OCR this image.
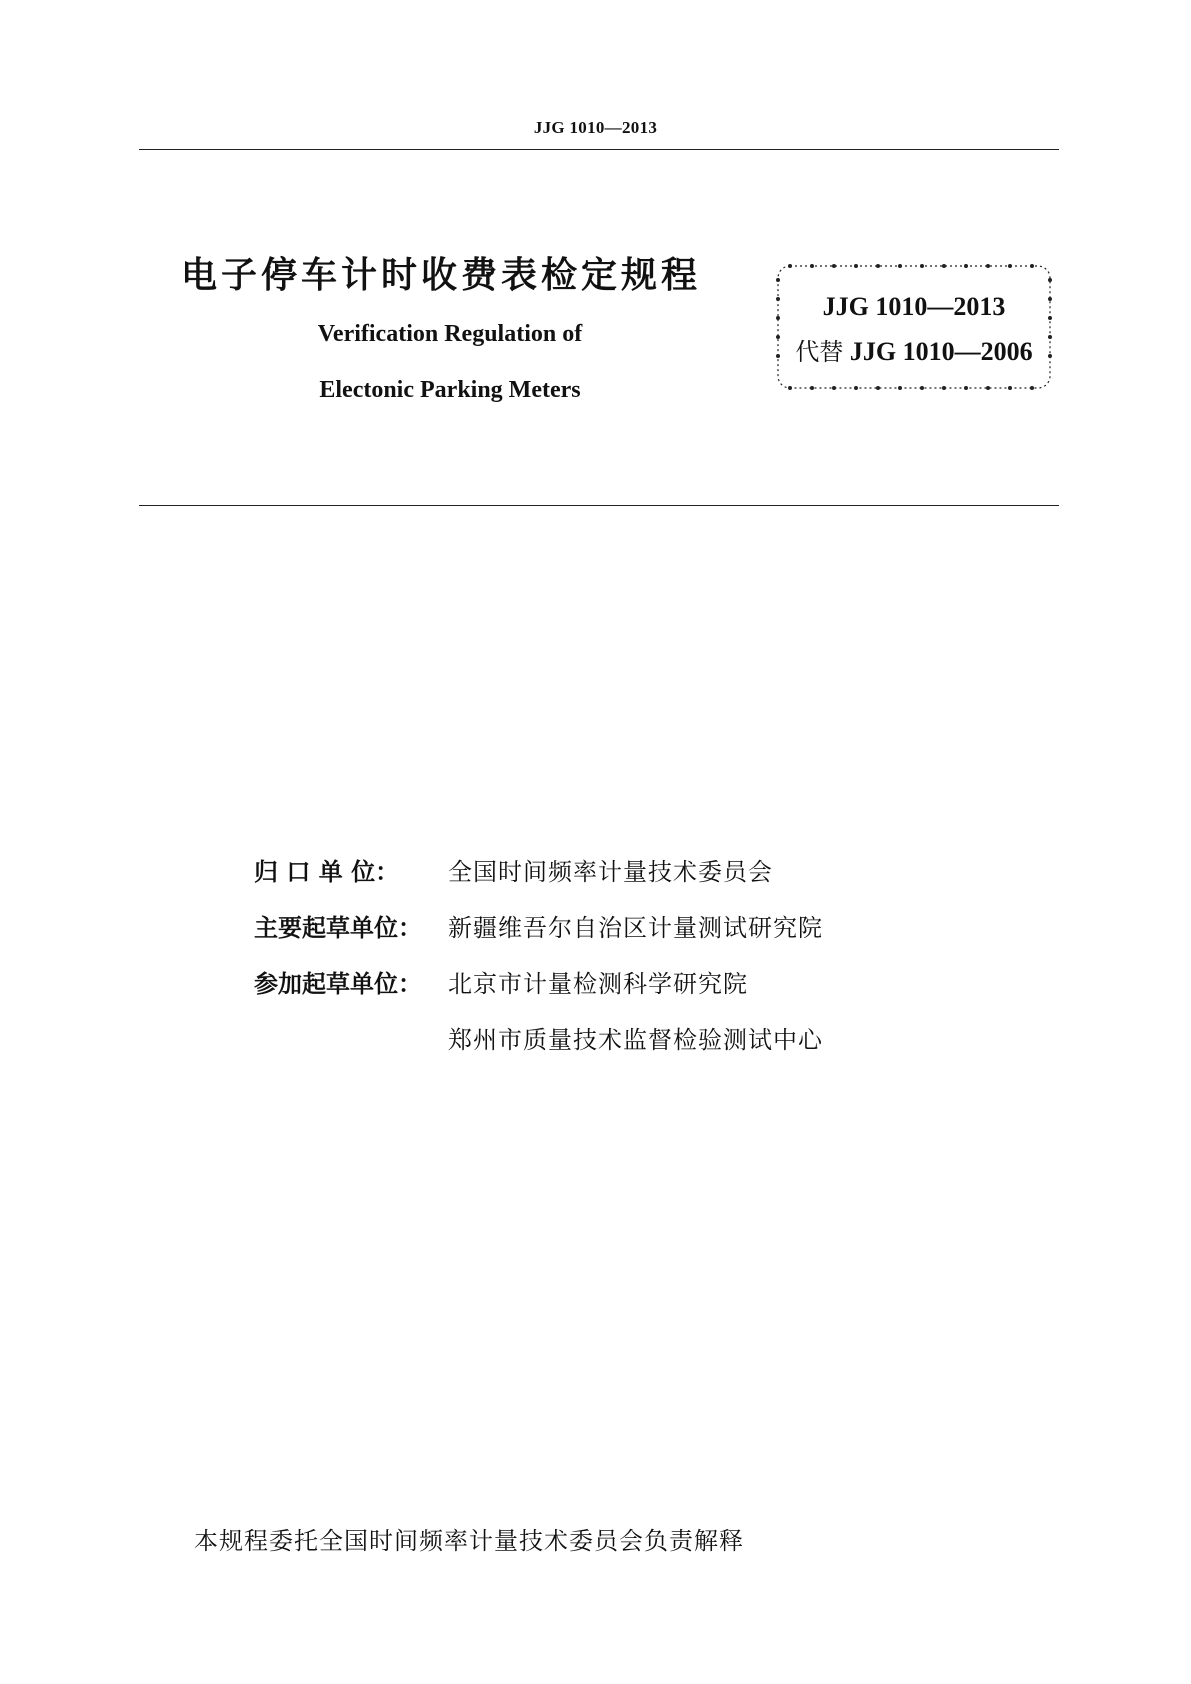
JJG 1010—2013
电子停车计时收费表检定规程
Verification Regulation of
Electonic Parking Meters
JJG 1010—2013
代替 JJG 1010—2006
归 口 单 位：	全国时间频率计量技术委员会
主要起草单位：	新疆维吾尔自治区计量测试研究院
参加起草单位：	北京市计量检测科学研究院
郑州市质量技术监督检验测试中心
本规程委托全国时间频率计量技术委员会负责解释
